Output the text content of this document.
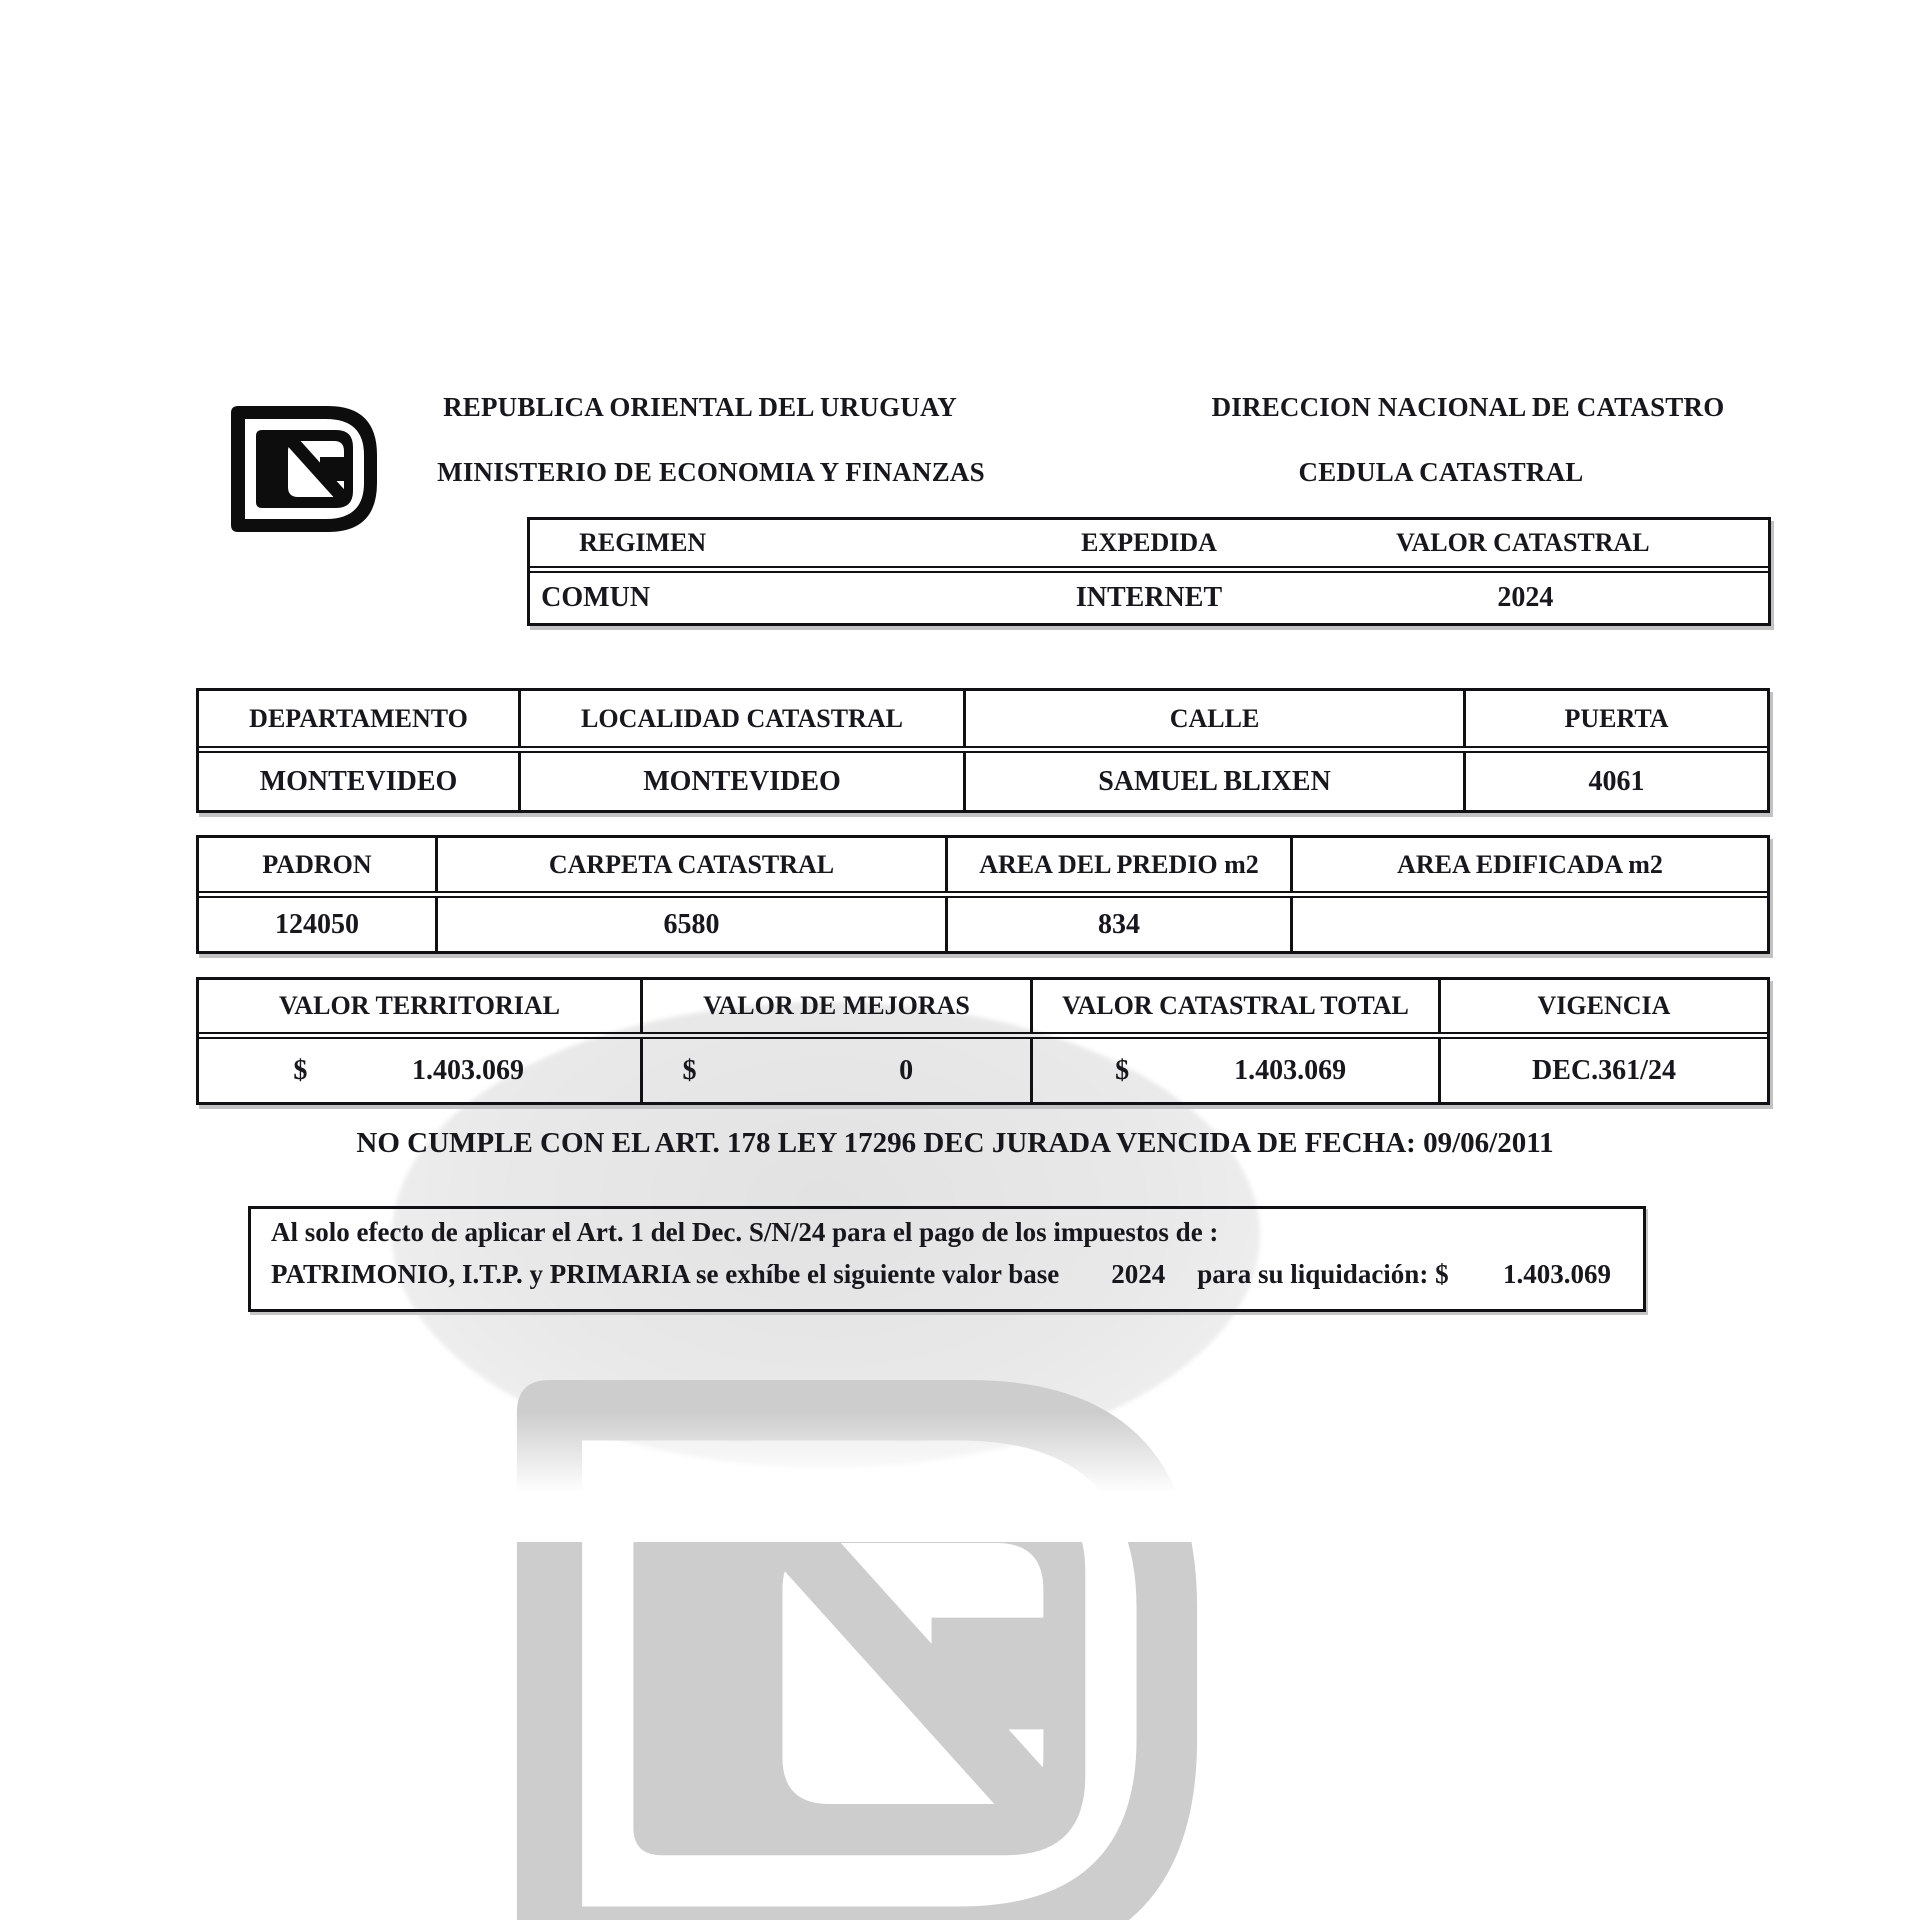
REPUBLICA ORIENTAL DEL URUGUAY
MINISTERIO DE ECONOMIA Y FINANZAS
DIRECCION NACIONAL DE CATASTRO
CEDULA CATASTRAL
REGIMEN	EXPEDIDA	VALOR CATASTRAL
COMUN	INTERNET	2024
DEPARTAMENTO	LOCALIDAD CATASTRAL	CALLE	PUERTA
MONTEVIDEO	MONTEVIDEO	SAMUEL BLIXEN	4061
PADRON	CARPETA CATASTRAL	AREA DEL PREDIO m2	AREA EDIFICADA m2
124050	6580	834
VALOR TERRITORIAL	VALOR DE MEJORAS	VALOR CATASTRAL TOTAL	VIGENCIA
$	1.403.069	$	0	$	1.403.069	DEC.361/24
NO CUMPLE CON EL ART. 178 LEY 17296 DEC JURADA VENCIDA DE FECHA: 09/06/2011
Al solo efecto de aplicar el Art. 1 del Dec. S/N/24 para el pago de los impuestos de :
PATRIMONIO, I.T.P. y PRIMARIA se exhíbe el siguiente valor base 2024 para su liquidación: $ 1.403.069
